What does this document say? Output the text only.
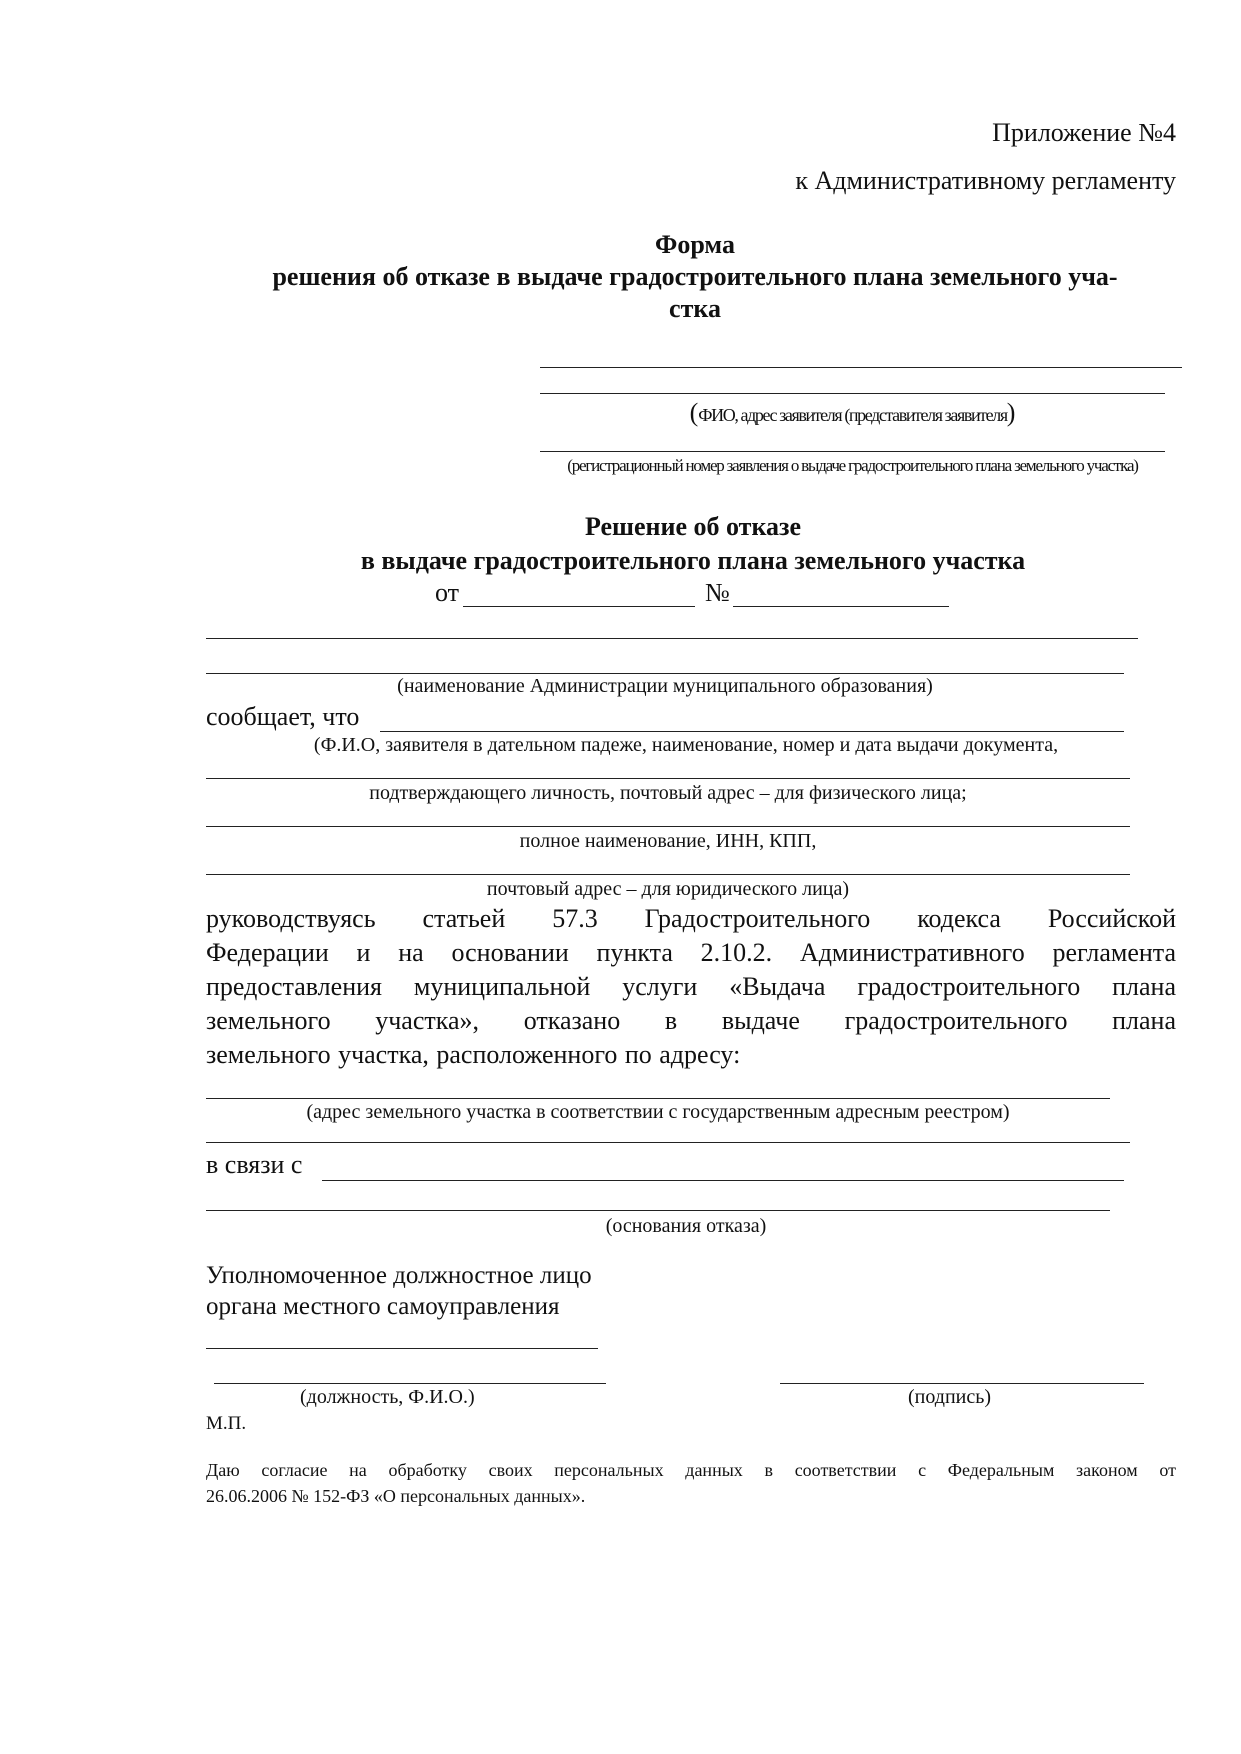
Приложение №4
к Административному регламенту
Форма
решения об отказе в выдаче градостроительного плана земельного уча-
стка
(ФИО, адрес заявителя (представителя заявителя)
(регистрационный номер заявления о выдаче градостроительного плана земельного участка)
Решение об отказе
в выдаче градостроительного плана земельного участка
от	№
(наименование Администрации муниципального образования)
сообщает, что
(Ф.И.О, заявителя в дательном падеже, наименование, номер и дата выдачи документа,
подтверждающего личность, почтовый адрес – для физического лица;
полное наименование, ИНН, КПП,
почтовый адрес – для юридического лица)
руководствуясь статьей 57.3 Градостроительного кодекса Российской
Федерации и на основании пункта 2.10.2. Административного регламента
предоставления муниципальной услуги «Выдача градостроительного плана
земельного участка», отказано в выдаче градостроительного плана
земельного участка, расположенного по адресу:
(адрес земельного участка в соответствии с государственным адресным реестром)
в связи с
(основания отказа)
Уполномоченное должностное лицо
органа местного самоуправления
(должность, Ф.И.О.)	(подпись)
М.П.
Даю согласие на обработку своих персональных данных в соответствии с Федеральным законом от
26.06.2006 № 152-ФЗ «О персональных данных».
